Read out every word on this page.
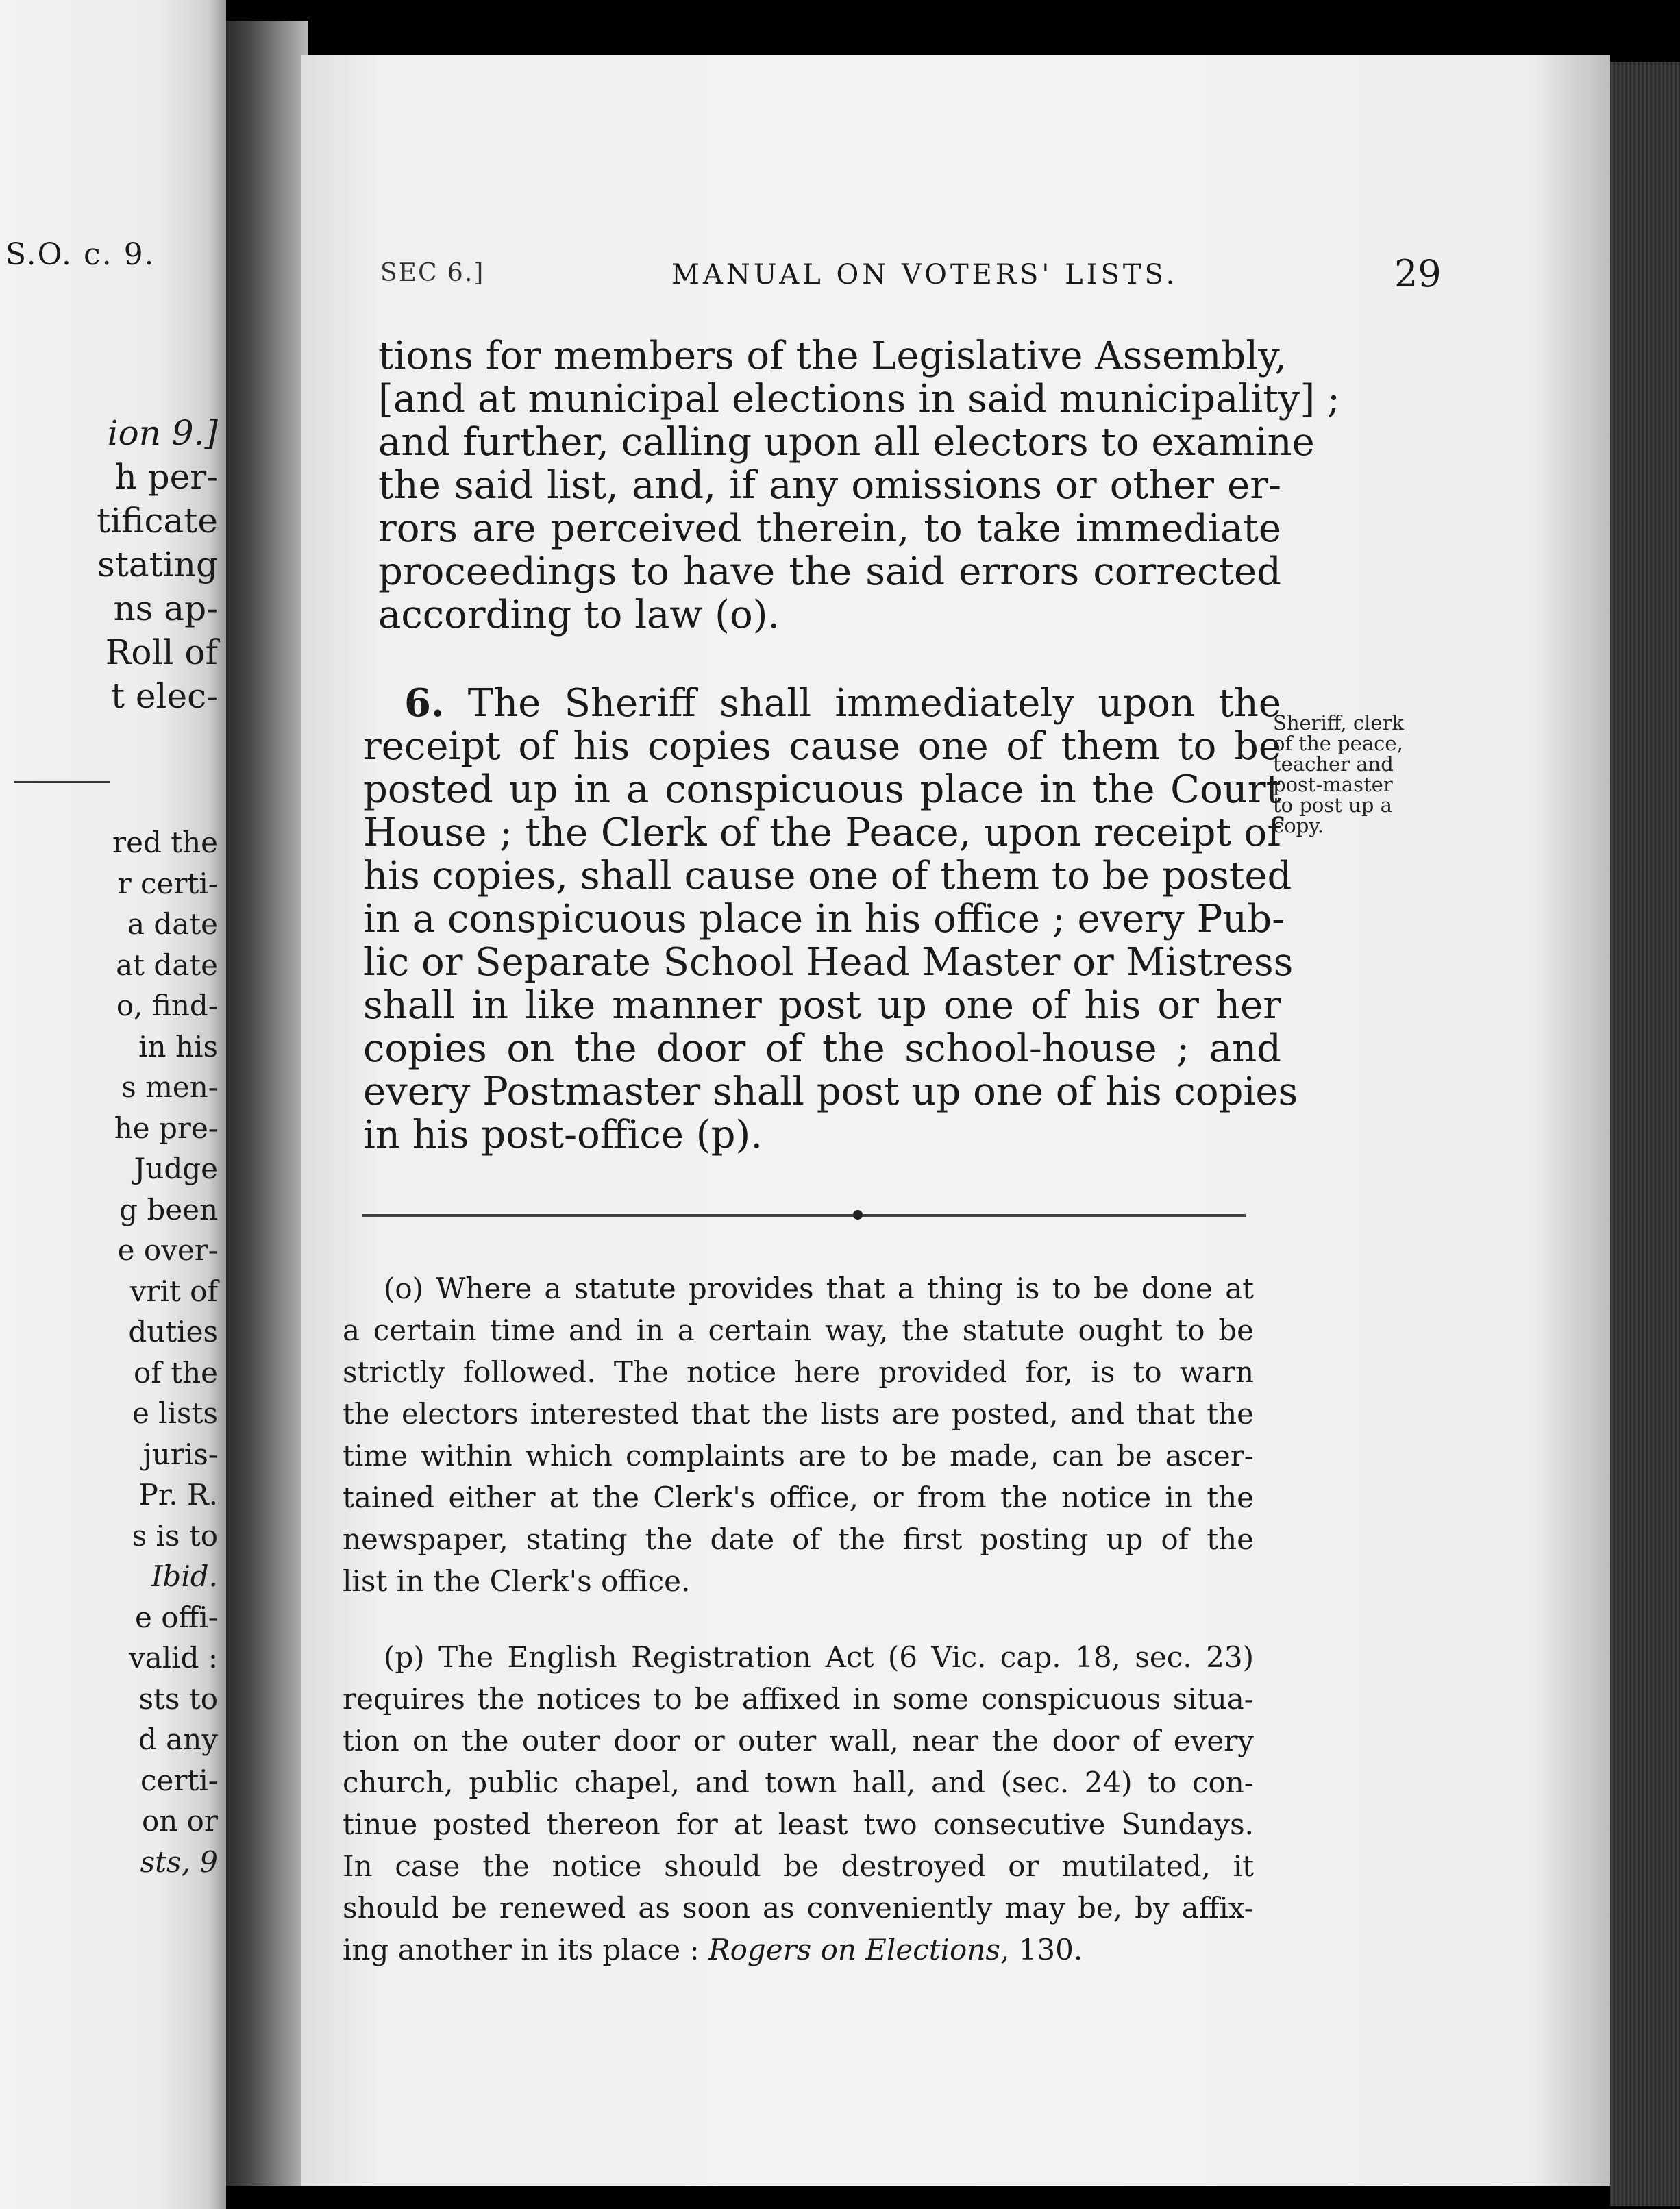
S.O. c. 9.
ion 9.]
h per-
tificate
stating
ns ap-
Roll of
t elec-
red the
r certi-
a date
at date
o, find-
in his
s men-
he pre-
Judge
g been
e over-
vrit of
duties
of the
e lists
juris-
Pr. R.
s is to
Ibid.
e offi-
valid :
sts to
d any
certi-
on or
sts, 9
SEC 6.]	MANUAL ON VOTERS' LISTS.	29
tions for members of the Legislative Assembly,
[and at municipal elections in said municipality] ;
and further, calling upon all electors to examine
the said list, and, if any omissions or other er-
rors are perceived therein, to take immediate
proceedings to have the said errors corrected
according to law (o).
6. The Sheriff shall immediately upon the
receipt of his copies cause one of them to be
posted up in a conspicuous place in the Court
House ; the Clerk of the Peace, upon receipt of
his copies, shall cause one of them to be posted
in a conspicuous place in his office ; every Pub-
lic or Separate School Head Master or Mistress
shall in like manner post up one of his or her
copies on the door of the school-house ; and
every Postmaster shall post up one of his copies
in his post-office (p).
Sheriff, clerk of the peace, teacher and post-master to post up a copy.
(o) Where a statute provides that a thing is to be done at
a certain time and in a certain way, the statute ought to be
strictly followed. The notice here provided for, is to warn
the electors interested that the lists are posted, and that the
time within which complaints are to be made, can be ascer-
tained either at the Clerk's office, or from the notice in the
newspaper, stating the date of the first posting up of the
list in the Clerk's office.
(p) The English Registration Act (6 Vic. cap. 18, sec. 23)
requires the notices to be affixed in some conspicuous situa-
tion on the outer door or outer wall, near the door of every
church, public chapel, and town hall, and (sec. 24) to con-
tinue posted thereon for at least two consecutive Sundays.
In case the notice should be destroyed or mutilated, it
should be renewed as soon as conveniently may be, by affix-
ing another in its place : Rogers on Elections, 130.
